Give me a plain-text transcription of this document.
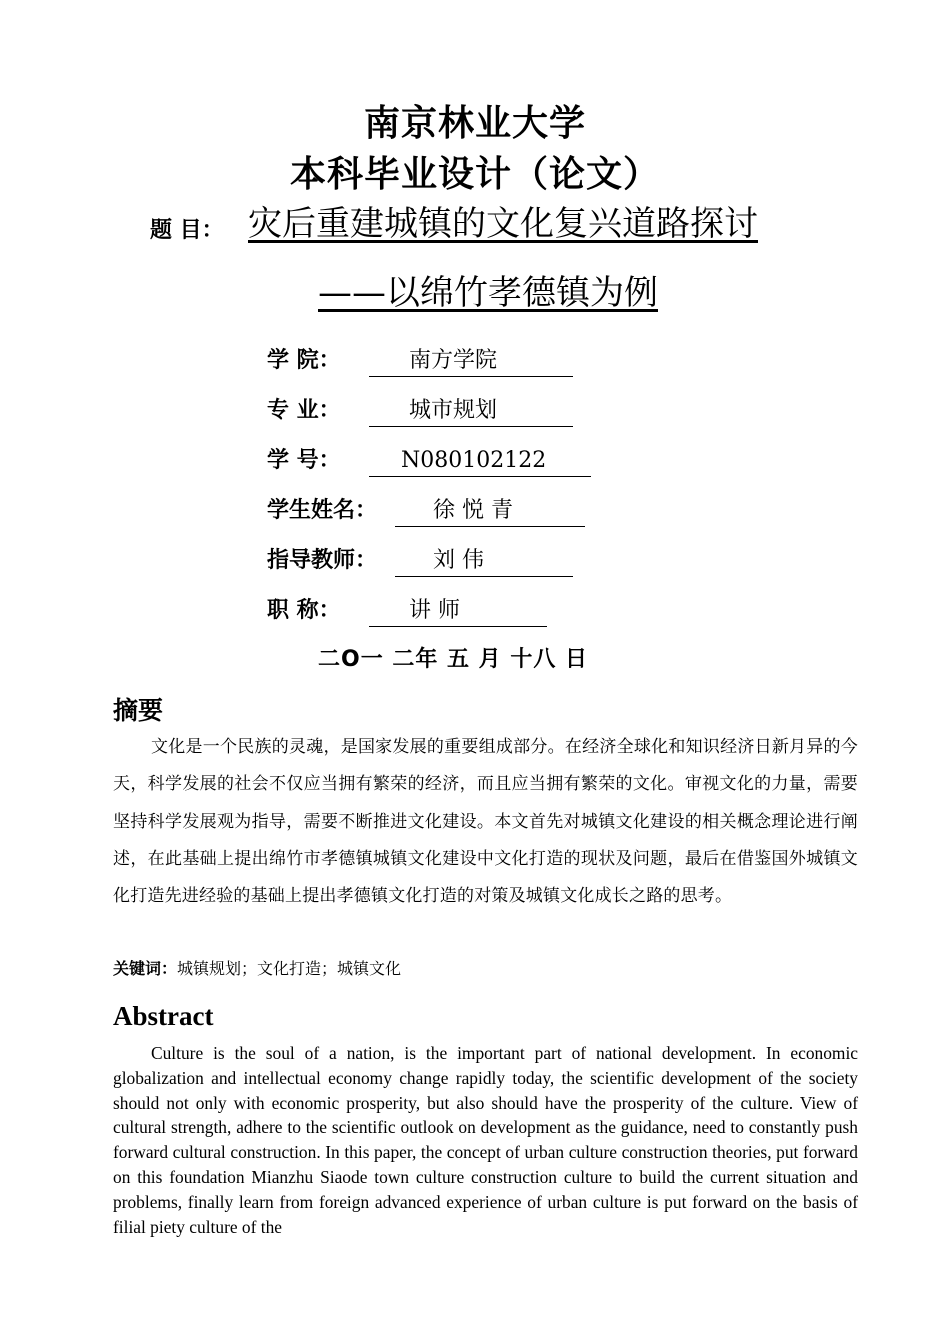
南京林业大学
本科毕业设计（论文）
题 目： 灾后重建城镇的文化复兴道路探讨
——以绵竹孝德镇为例
学 院：	南方学院
专 业：	城市规划
学 号：	N080102122
学生姓名：	徐 悦 青
指导教师：	刘 伟
职 称：	讲 师
二O一 二年 五 月 十八 日
摘要
文化是一个民族的灵魂，是国家发展的重要组成部分。在经济全球化和知识经济日新月异的今天，科学发展的社会不仅应当拥有繁荣的经济，而且应当拥有繁荣的文化。审视文化的力量，需要坚持科学发展观为指导，需要不断推进文化建设。本文首先对城镇文化建设的相关概念理论进行阐述，在此基础上提出绵竹市孝德镇城镇文化建设中文化打造的现状及问题，最后在借鉴国外城镇文化打造先进经验的基础上提出孝德镇文化打造的对策及城镇文化成长之路的思考。
关键词：城镇规划；文化打造；城镇文化
Abstract
Culture is the soul of a nation, is the important part of national development. In economic globalization and intellectual economy change rapidly today, the scientific development of the society should not only with economic prosperity, but also should have the prosperity of the culture. View of cultural strength, adhere to the scientific outlook on development as the guidance, need to constantly push forward cultural construction. In this paper, the concept of urban culture construction theories, put forward on this foundation Mianzhu Siaode town culture construction culture to build the current situation and problems, finally learn from foreign advanced experience of urban culture is put forward on the basis of filial piety culture of the
